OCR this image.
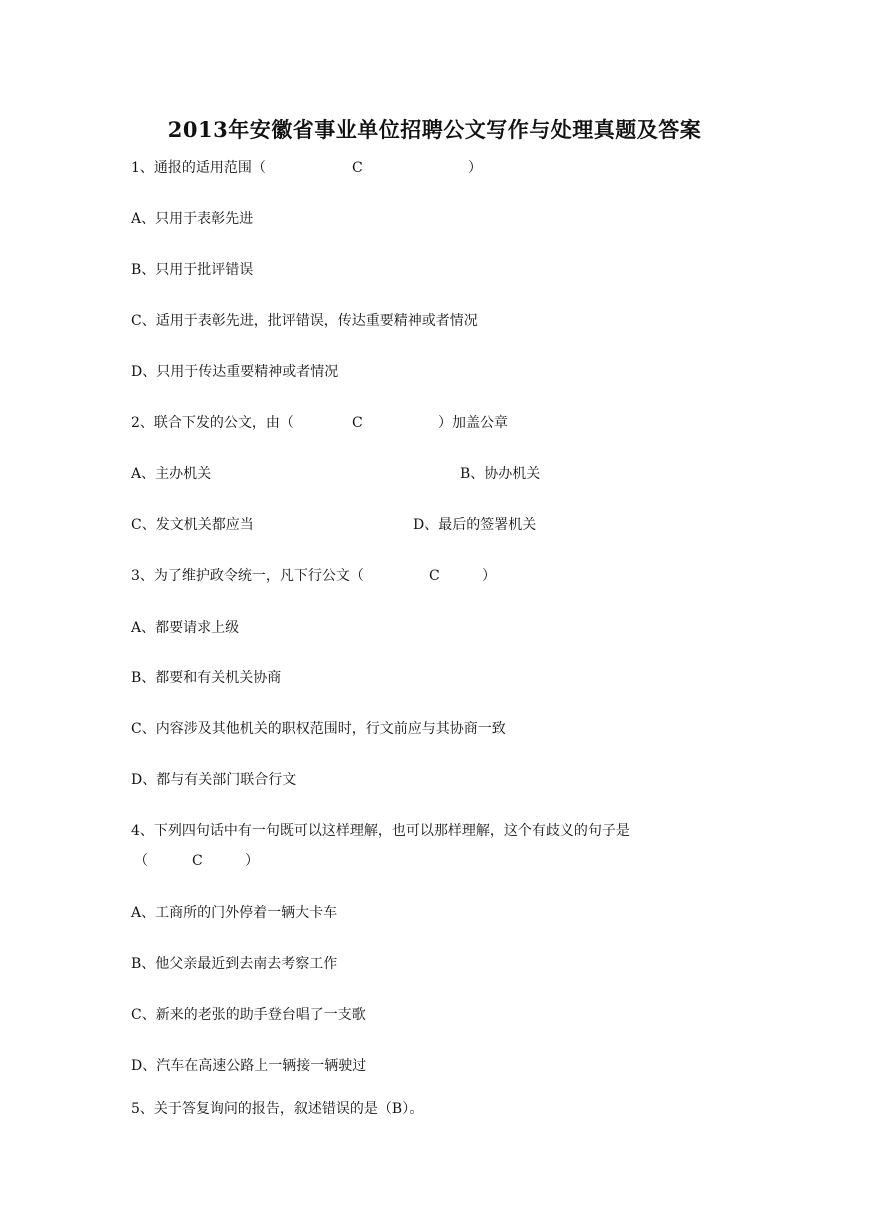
2013年安徽省事业单位招聘公文写作与处理真题及答案
1、通报的适用范围（	C	）
A、只用于表彰先进
B、只用于批评错误
C、适用于表彰先进，批评错误，传达重要精神或者情况
D、只用于传达重要精神或者情况
2、联合下发的公文，由（	C	）加盖公章
A、主办机关	B、协办机关
C、发文机关都应当	D、最后的签署机关
3、为了维护政令统一，凡下行公文（	C	）
A、都要请求上级
B、都要和有关机关协商
C、内容涉及其他机关的职权范围时，行文前应与其协商一致
D、都与有关部门联合行文
4、下列四句话中有一句既可以这样理解，也可以那样理解，这个有歧义的句子是
（	C	）
A、工商所的门外停着一辆大卡车
B、他父亲最近到去南去考察工作
C、新来的老张的助手登台唱了一支歌
D、汽车在高速公路上一辆接一辆驶过
5、关于答复询问的报告，叙述错误的是（B）。
